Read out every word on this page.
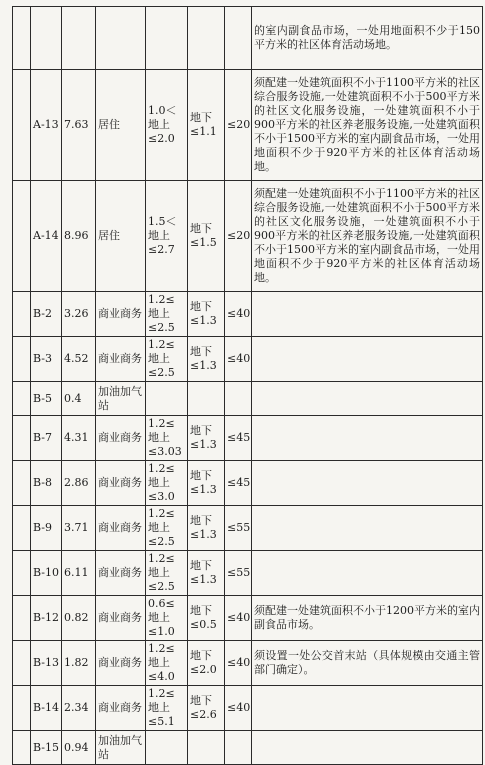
							的室内副食品市场，一处用地面积不少于150平方米的社区体育活动场地。
	A-13	7.63	居住	1.0＜地上≤2.0	地下≤1.1	≤20	须配建一处建筑面积不小于1100平方米的社区综合服务设施,一处建筑面积不小于500平方米的社区文化服务设施，一处建筑面积不小于900平方米的社区养老服务设施,一处建筑面积不小于1500平方米的室内副食品市场，一处用地面积不少于920平方米的社区体育活动场地。
	A-14	8.96	居住	1.5＜地上≤2.7	地下≤1.5	≤20	须配建一处建筑面积不小于1100平方米的社区综合服务设施,一处建筑面积不小于500平方米的社区文化服务设施，一处建筑面积不小于900平方米的社区养老服务设施,一处建筑面积不小于1500平方米的室内副食品市场，一处用地面积不少于920平方米的社区体育活动场地。
	B-2	3.26	商业商务	1.2≤地上≤2.5	地下≤1.3	≤40	
	B-3	4.52	商业商务	1.2≤地上≤2.5	地下≤1.3	≤40	
	B-5	0.4	加油加气站				
	B-7	4.31	商业商务	1.2≤地上≤3.03	地下≤1.3	≤45	
	B-8	2.86	商业商务	1.2≤地上≤3.0	地下≤1.3	≤45	
	B-9	3.71	商业商务	1.2≤地上≤2.5	地下≤1.3	≤55	
	B-10	6.11	商业商务	1.2≤地上≤2.5	地下≤1.3	≤55	
	B-12	0.82	商业商务	0.6≤地上≤1.0	地下≤0.5	≤40	须配建一处建筑面积不小于1200平方米的室内副食品市场。
	B-13	1.82	商业商务	1.2≤地上≤4.0	地下≤2.0	≤40	须设置一处公交首末站（具体规模由交通主管部门确定）。
	B-14	2.34	商业商务	1.2≤地上≤5.1	地下≤2.6	≤40	
	B-15	0.94	加油加气站				
